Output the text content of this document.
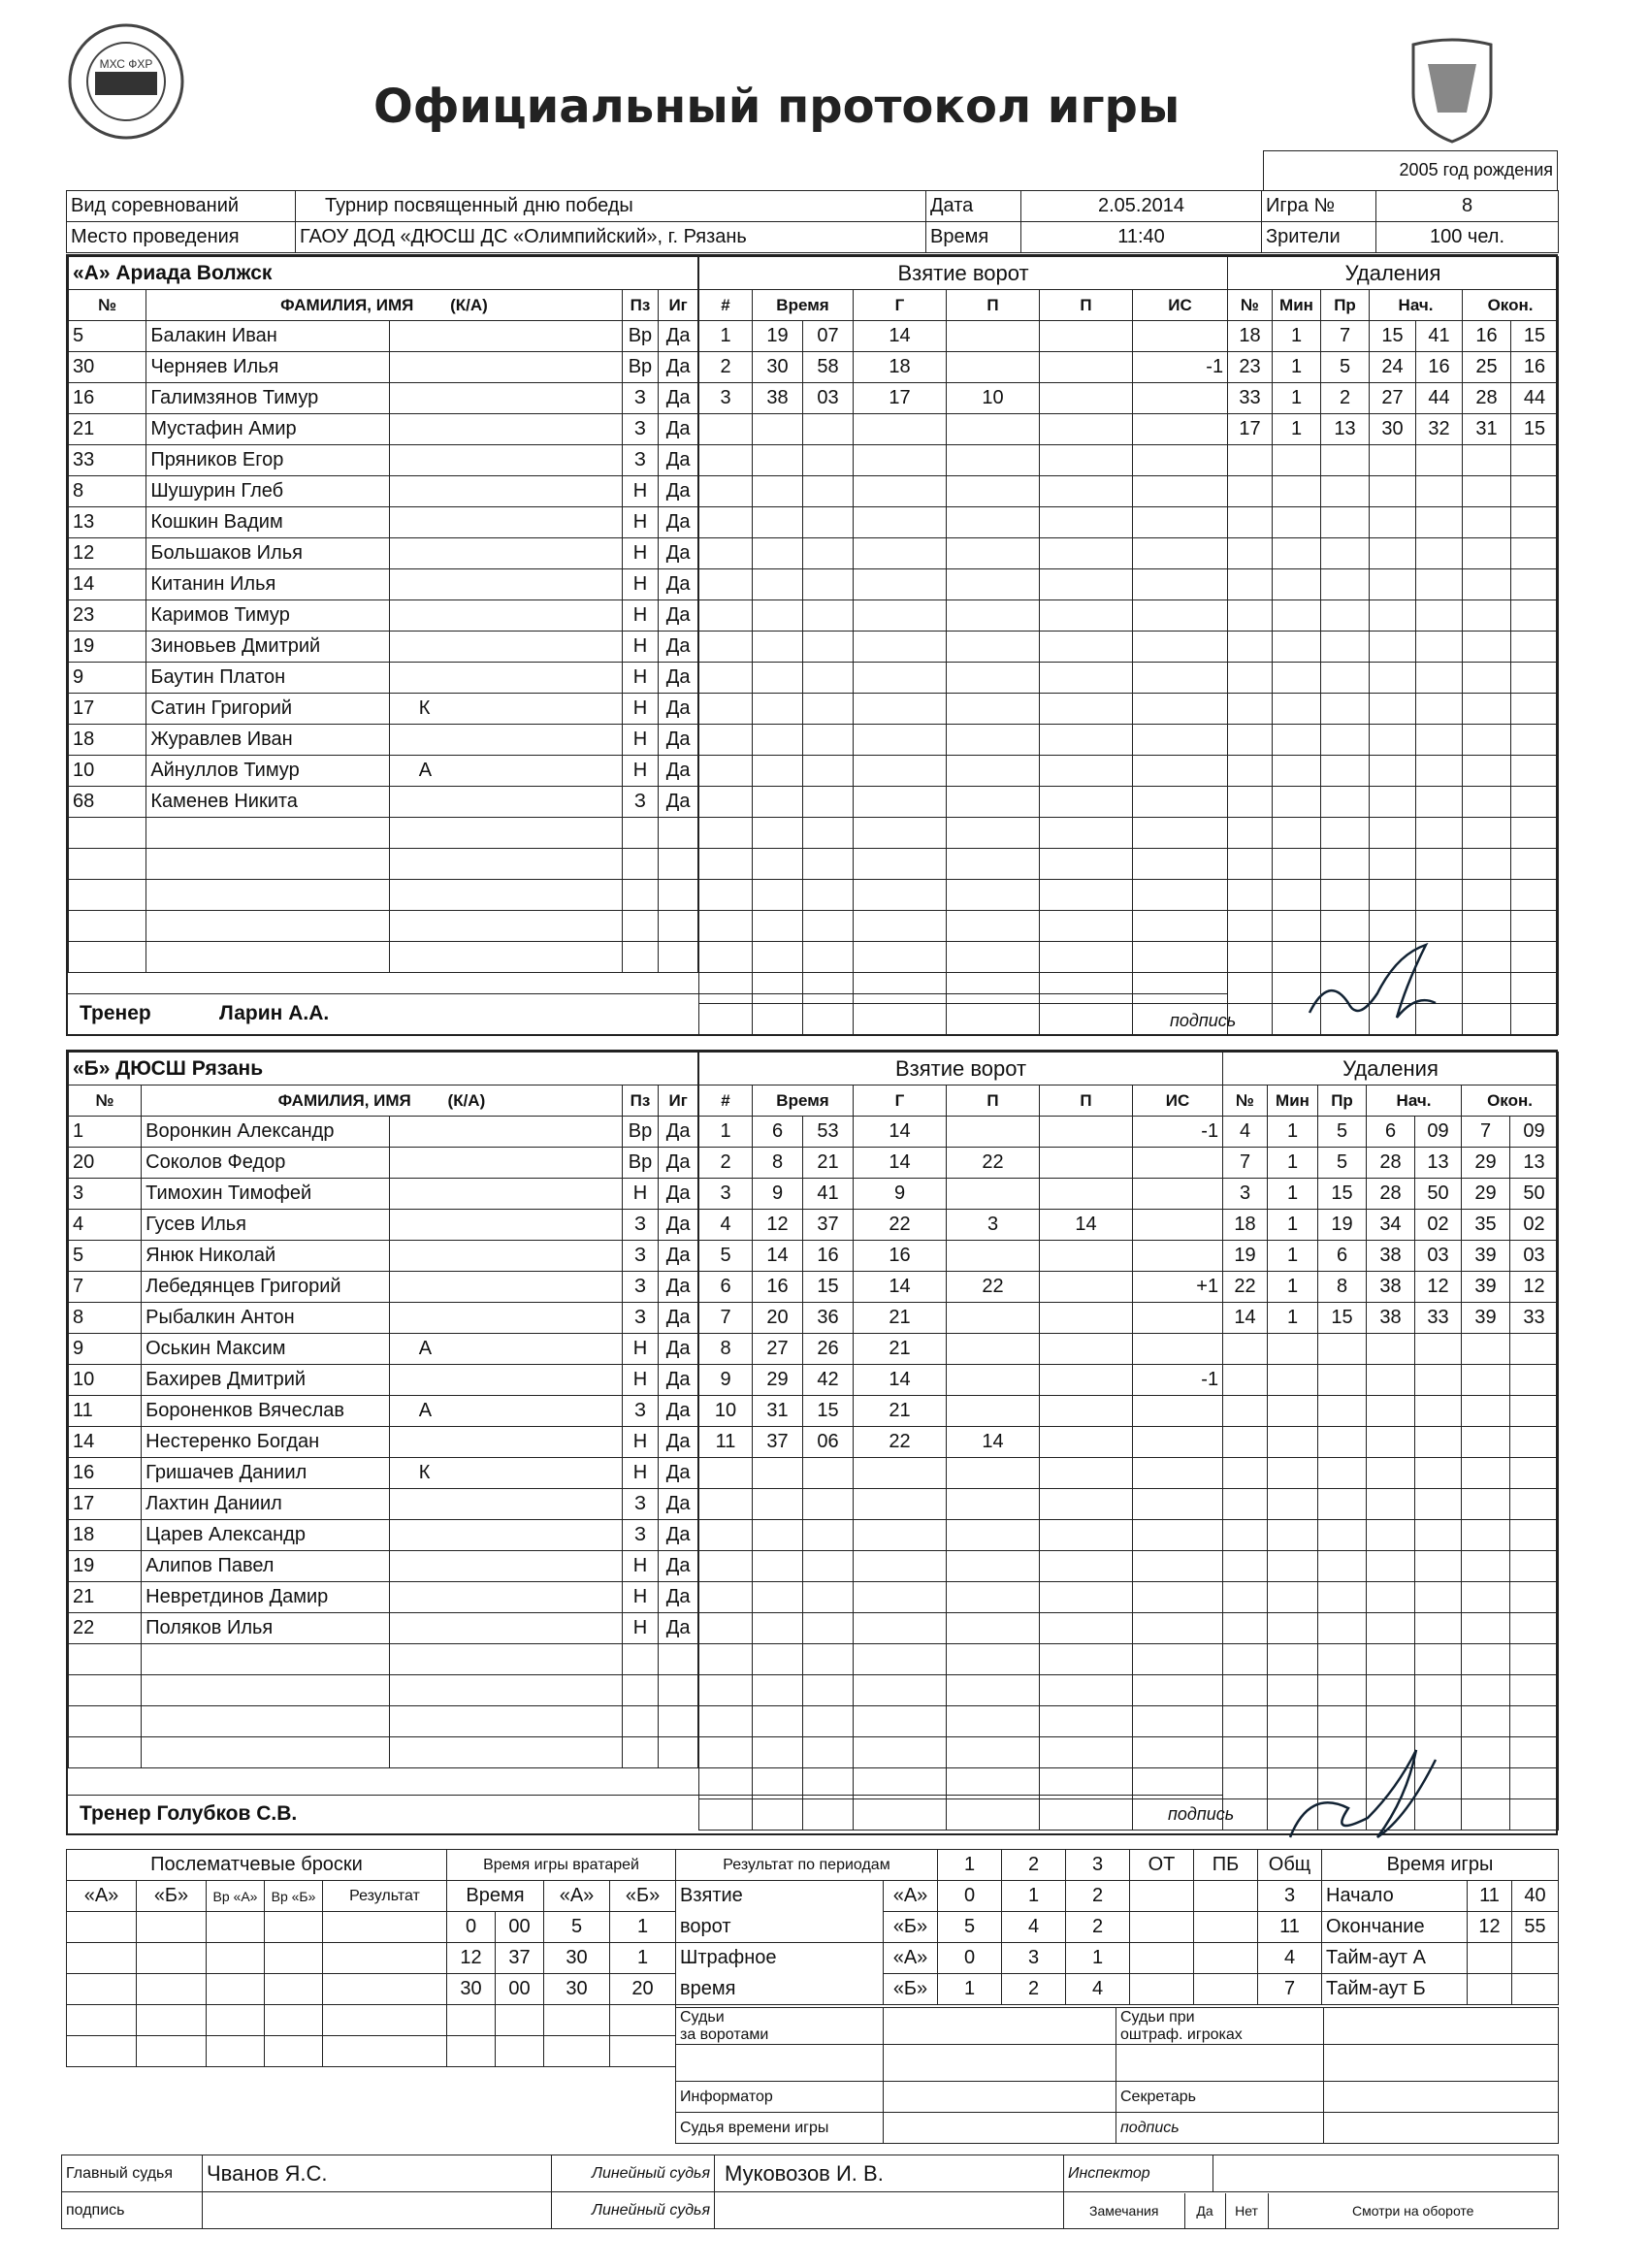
МХС ФХР
Официальный протокол игры
2005 год рождения
Вид соревнований	Турнир посвященный дню победы	Дата	2.05.2014	Игра №	8
Место проведения	ГАОУ ДОД «ДЮСШ ДС «Олимпийский», г. Рязань	Время	11:40	Зрители	100 чел.
«А» Ариада Волжск				
№	ФАМИЛИЯ, ИМЯ (К/А)		Пз	Иг
5	Балакин Иван		Вр	Да
30	Черняев Илья		Вр	Да
16	Галимзянов Тимур		З	Да
21	Мустафин Амир		З	Да
33	Пряников Егор		З	Да
8	Шушурин Глеб		Н	Да
13	Кошкин Вадим		Н	Да
12	Большаков Илья		Н	Да
14	Китанин Илья		Н	Да
23	Каримов Тимур		Н	Да
19	Зиновьев Дмитрий		Н	Да
9	Баутин Платон		Н	Да
17	Сатин Григорий	К	Н	Да
18	Журавлев Иван		Н	Да
10	Айнуллов Тимур	А	Н	Да
68	Каменев Никита		З	Да

Взятие ворот						
#	Время		Г	П	П	ИС
1	19	07	14			
2	30	58	18			-1
3	38	03	17	10		

Удаления						
№	Мин	Пр	Нач.		Окон.	
18	1	7	15	41	16	15
23	1	5	24	16	25	16
33	1	2	27	44	28	44
17	1	13	30	32	31	15

Тренер	Ларин А.А.	подпись
«Б» ДЮСШ Рязань				
№	ФАМИЛИЯ, ИМЯ (К/А)		Пз	Иг
1	Воронкин Александр		Вр	Да
20	Соколов Федор		Вр	Да
3	Тимохин Тимофей		Н	Да
4	Гусев Илья		З	Да
5	Янюк Николай		З	Да
7	Лебедянцев Григорий		З	Да
8	Рыбалкин Антон		З	Да
9	Оськин Максим	А	Н	Да
10	Бахирев Дмитрий		Н	Да
11	Бороненков Вячеслав	А	З	Да
14	Нестеренко Богдан		Н	Да
16	Гришачев Даниил	К	Н	Да
17	Лахтин Даниил		З	Да
18	Царев Александр		З	Да
19	Алипов Павел		Н	Да
21	Невретдинов Дамир		Н	Да
22	Поляков Илья		Н	Да

Взятие ворот						
#	Время		Г	П	П	ИС
1	6	53	14			-1
2	8	21	14	22		
3	9	41	9			
4	12	37	22	3	14	
5	14	16	16			
6	16	15	14	22		+1
7	20	36	21			
8	27	26	21			
9	29	42	14			-1
10	31	15	21			
11	37	06	22	14		

Удаления						
№	Мин	Пр	Нач.		Окон.	
4	1	5	6	09	7	09
7	1	5	28	13	29	13
3	1	15	28	50	29	50
18	1	19	34	02	35	02
19	1	6	38	03	39	03
22	1	8	38	12	39	12
14	1	15	38	33	39	33

Тренер Голубков С.В.	подпись
Послематчевые броски				
«А»	«Б»	Вр «А»	Вр «Б»	Результат

Время игры вратарей			
Время		«А»	«Б»
0	00	5	1
12	37	30	1
30	00	30	20

Результат по периодам		1	2	3	ОТ	ПБ	Общ
Взятие	«А»	0	1	2			3
ворот	«Б»	5	4	2			11
Штрафное	«А»	0	3	1			4
время	«Б»	1	2	4			7
Время игры		
Начало	11	40
Окончание	12	55
Тайм-аут А		
Тайм-аут Б		
Судьи
за воротами		Судьи при
оштраф. игроках	

Информатор		Секретарь	
Судья времени игры		подпись	
Главный судья	Чванов Я.С.	Линейный судья	Муковозов И. В.	Инспектор	
подпись		Линейный судья			Замечания	Да	Нет	Смотри на обороте
